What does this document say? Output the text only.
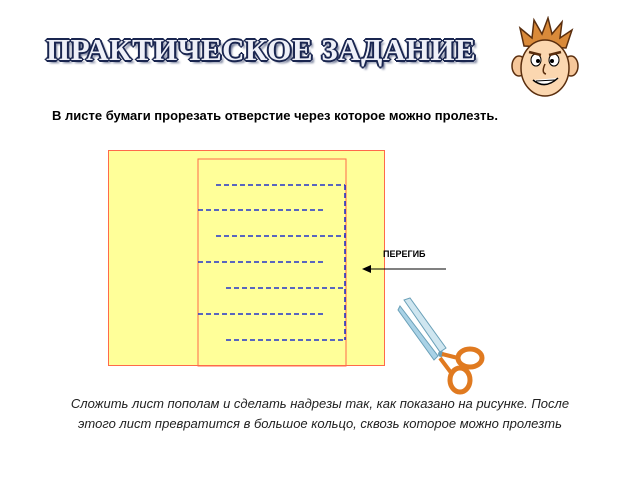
ПРАКТИЧЕСКОЕ ЗАДАНИЕ
В листе бумаги прорезать отверстие через которое можно пролезть.
ПЕРЕГИБ
Сложить лист пополам и сделать надрезы так, как показано на рисунке. После
этого лист превратится в большое кольцо, сквозь которое можно пролезть
